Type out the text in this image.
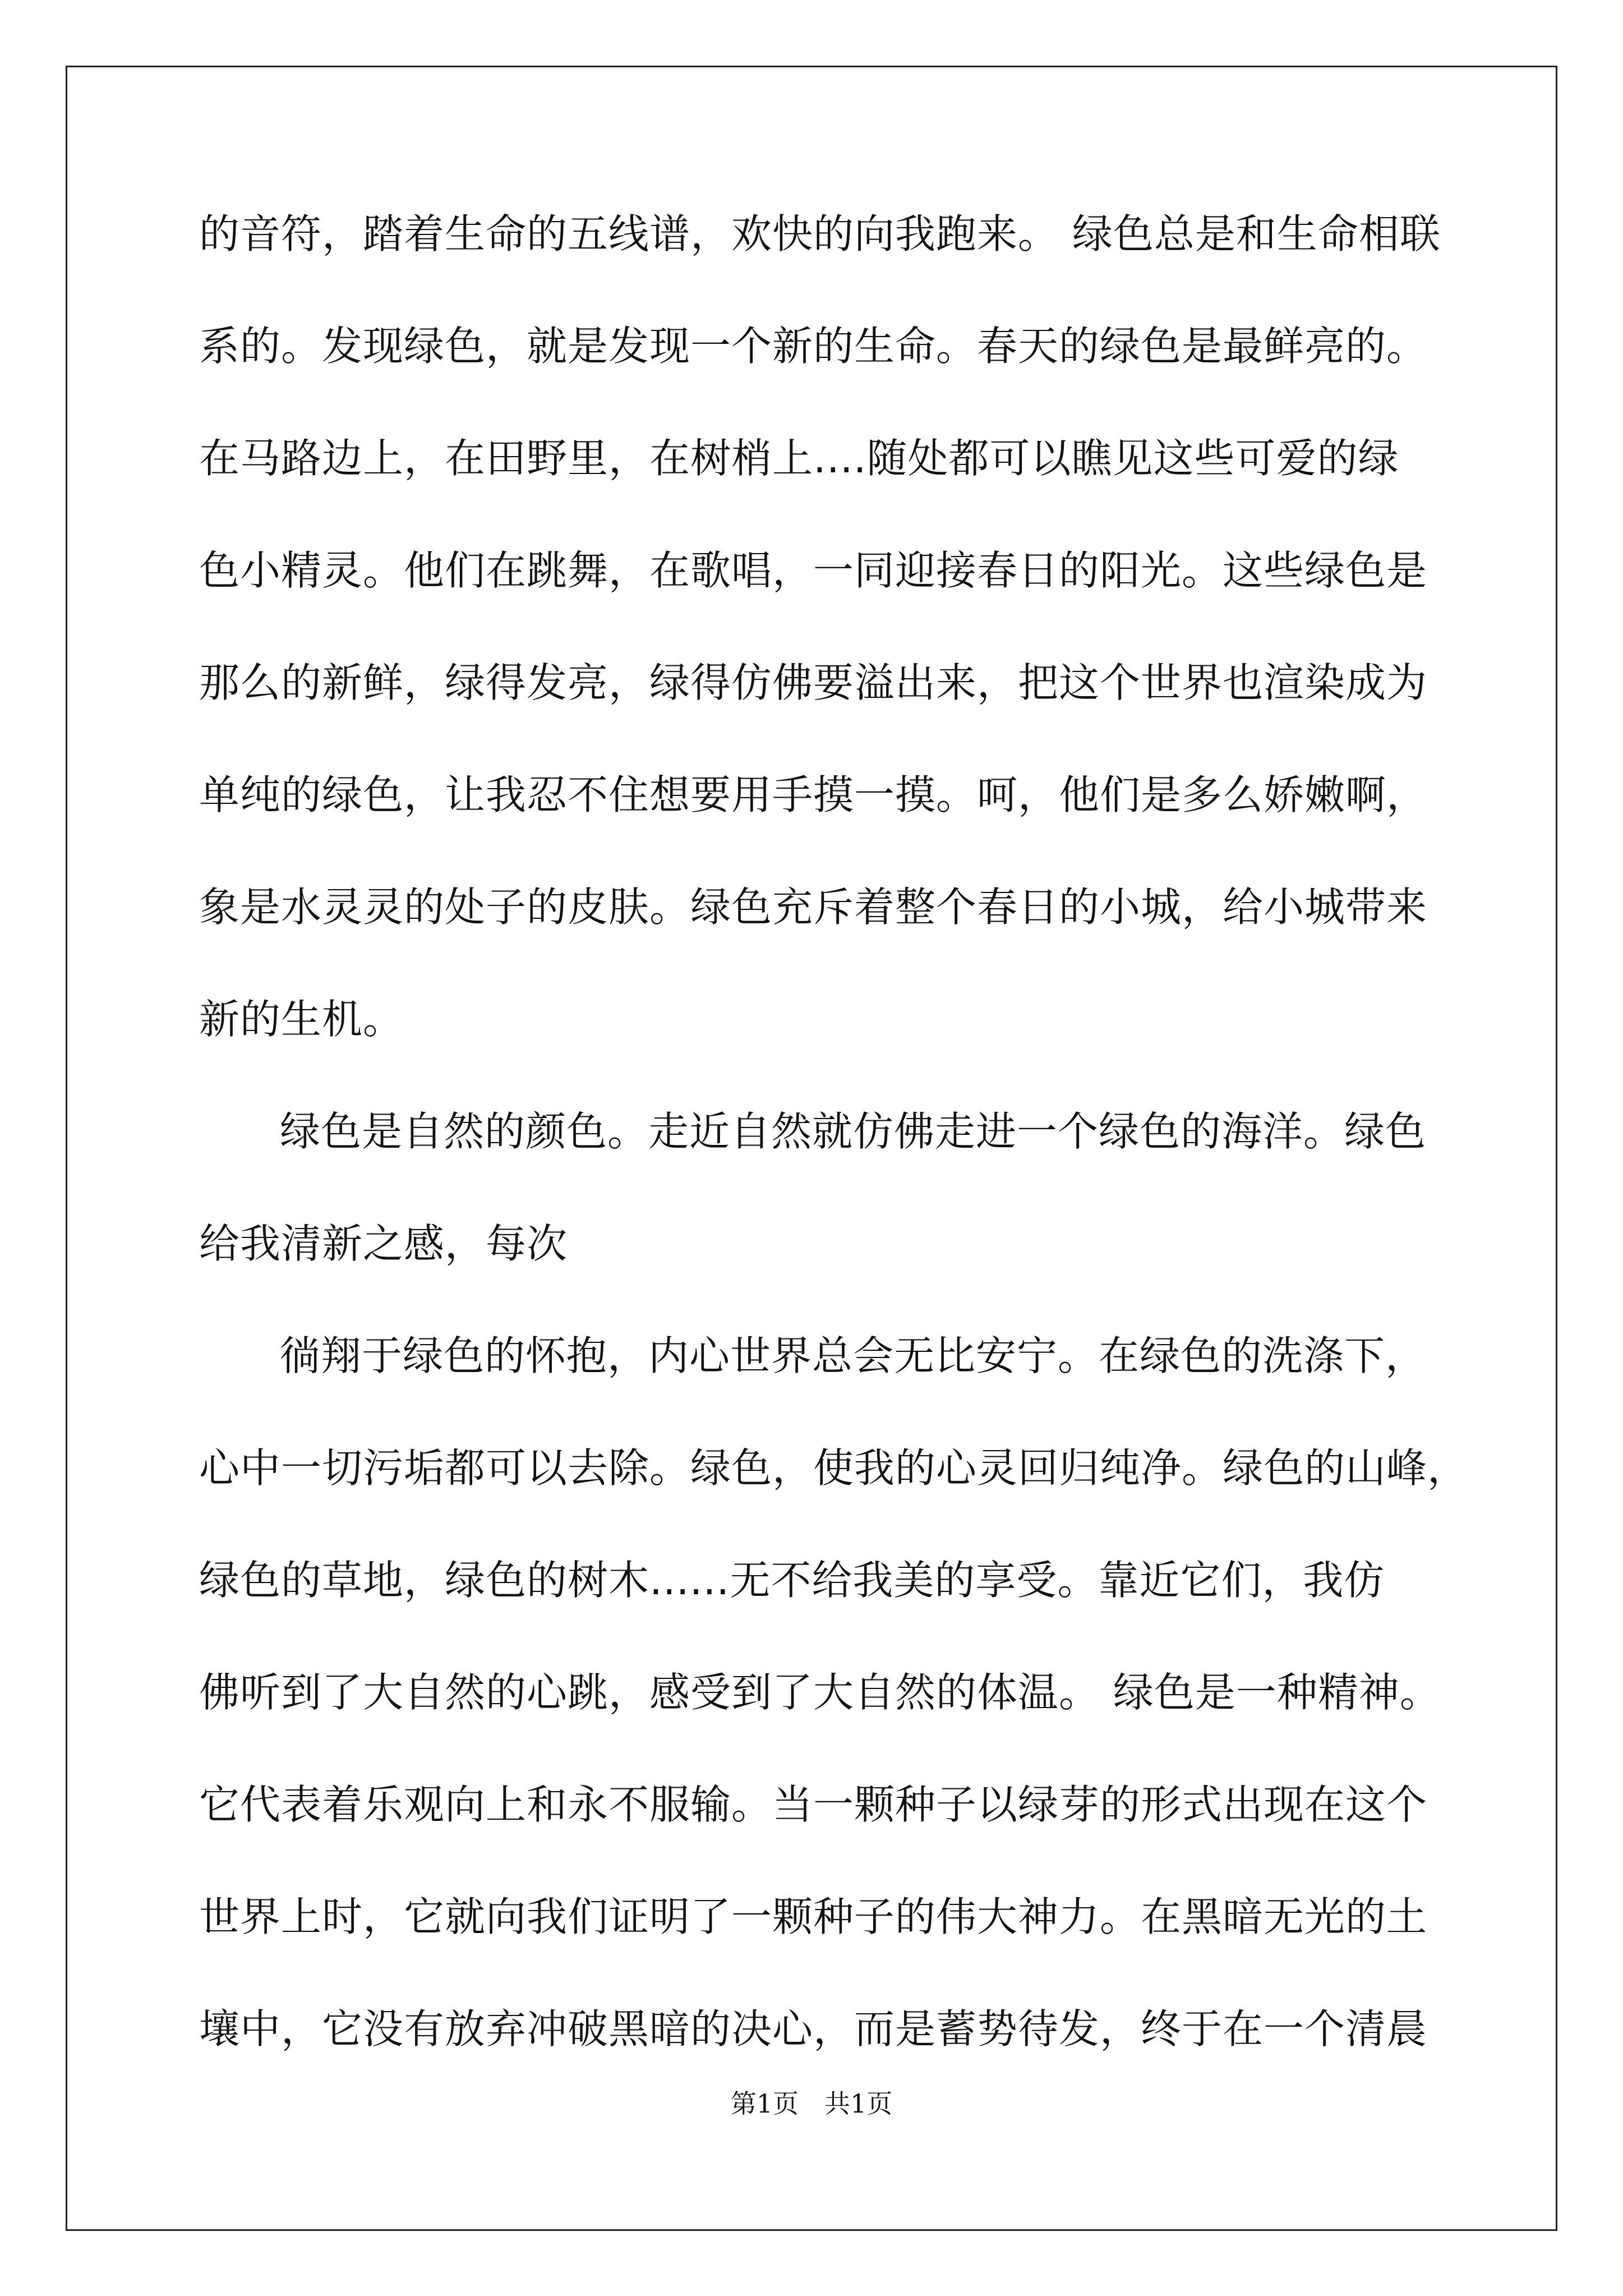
的音符，踏着生命的五线谱，欢快的向我跑来。 绿色总是和生命相联
系的。发现绿色，就是发现一个新的生命。春天的绿色是最鲜亮的。
在马路边上，在田野里，在树梢上....随处都可以瞧见这些可爱的绿
色小精灵。他们在跳舞，在歌唱，一同迎接春日的阳光。这些绿色是
那么的新鲜，绿得发亮，绿得仿佛要溢出来，把这个世界也渲染成为
单纯的绿色，让我忍不住想要用手摸一摸。呵，他们是多么娇嫩啊，
象是水灵灵的处子的皮肤。绿色充斥着整个春日的小城，给小城带来
新的生机。
绿色是自然的颜色。走近自然就仿佛走进一个绿色的海洋。绿色
给我清新之感，每次
徜翔于绿色的怀抱，内心世界总会无比安宁。在绿色的洗涤下，
心中一切污垢都可以去除。绿色，使我的心灵回归纯净。绿色的山峰，
绿色的草地，绿色的树木......无不给我美的享受。靠近它们，我仿
佛听到了大自然的心跳，感受到了大自然的体温。 绿色是一种精神。
它代表着乐观向上和永不服输。当一颗种子以绿芽的形式出现在这个
世界上时，它就向我们证明了一颗种子的伟大神力。在黑暗无光的土
壤中，它没有放弃冲破黑暗的决心，而是蓄势待发，终于在一个清晨
第1页　共1页
